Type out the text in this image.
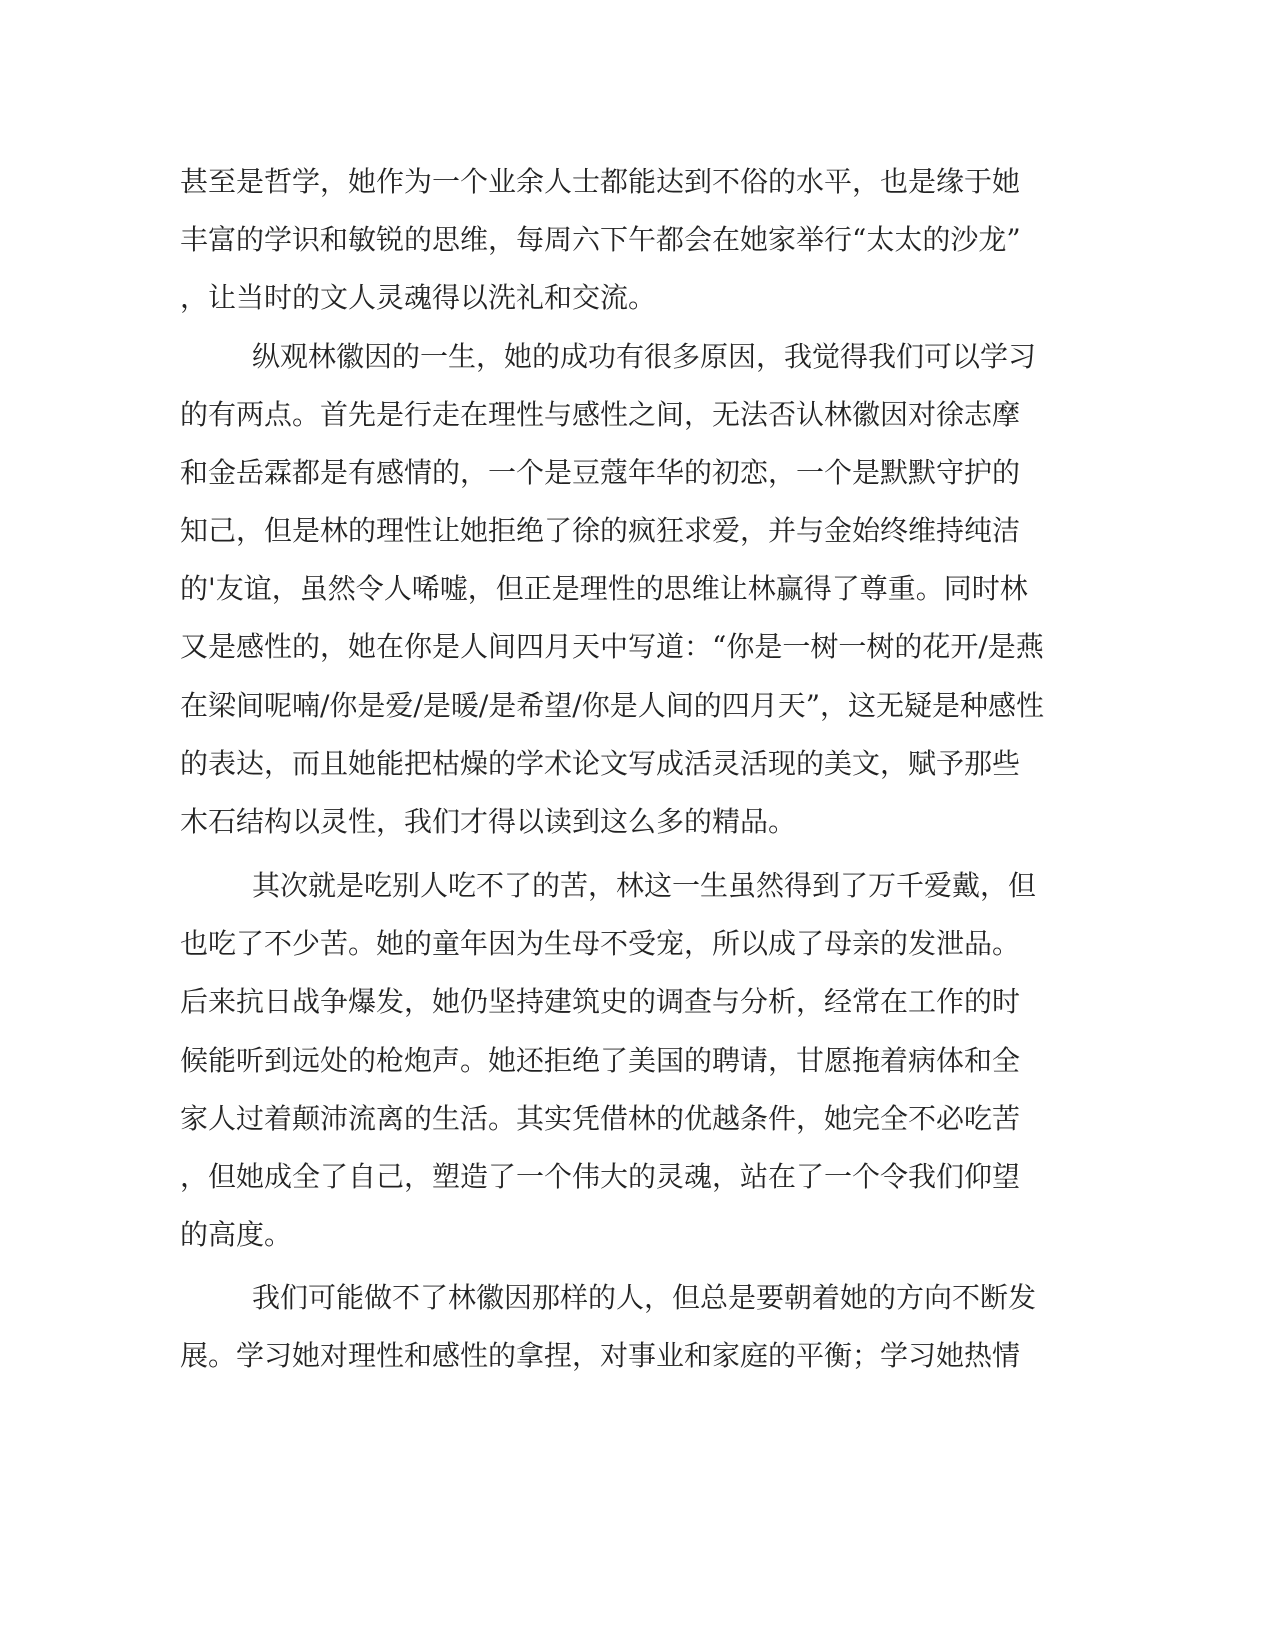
甚至是哲学，她作为一个业余人士都能达到不俗的水平，也是缘于她
丰富的学识和敏锐的思维，每周六下午都会在她家举行“太太的沙龙”
，让当时的文人灵魂得以洗礼和交流。
纵观林徽因的一生，她的成功有很多原因，我觉得我们可以学习
的有两点。首先是行走在理性与感性之间，无法否认林徽因对徐志摩
和金岳霖都是有感情的，一个是豆蔻年华的初恋，一个是默默守护的
知己，但是林的理性让她拒绝了徐的疯狂求爱，并与金始终维持纯洁
的'友谊，虽然令人唏嘘，但正是理性的思维让林赢得了尊重。同时林
又是感性的，她在你是人间四月天中写道：“你是一树一树的花开/是燕
在梁间呢喃/你是爱/是暖/是希望/你是人间的四月天”，这无疑是种感性
的表达，而且她能把枯燥的学术论文写成活灵活现的美文，赋予那些
木石结构以灵性，我们才得以读到这么多的精品。
其次就是吃别人吃不了的苦，林这一生虽然得到了万千爱戴，但
也吃了不少苦。她的童年因为生母不受宠，所以成了母亲的发泄品。
后来抗日战争爆发，她仍坚持建筑史的调查与分析，经常在工作的时
候能听到远处的枪炮声。她还拒绝了美国的聘请，甘愿拖着病体和全
家人过着颠沛流离的生活。其实凭借林的优越条件，她完全不必吃苦
，但她成全了自己，塑造了一个伟大的灵魂，站在了一个令我们仰望
的高度。
我们可能做不了林徽因那样的人，但总是要朝着她的方向不断发
展。学习她对理性和感性的拿捏，对事业和家庭的平衡；学习她热情
